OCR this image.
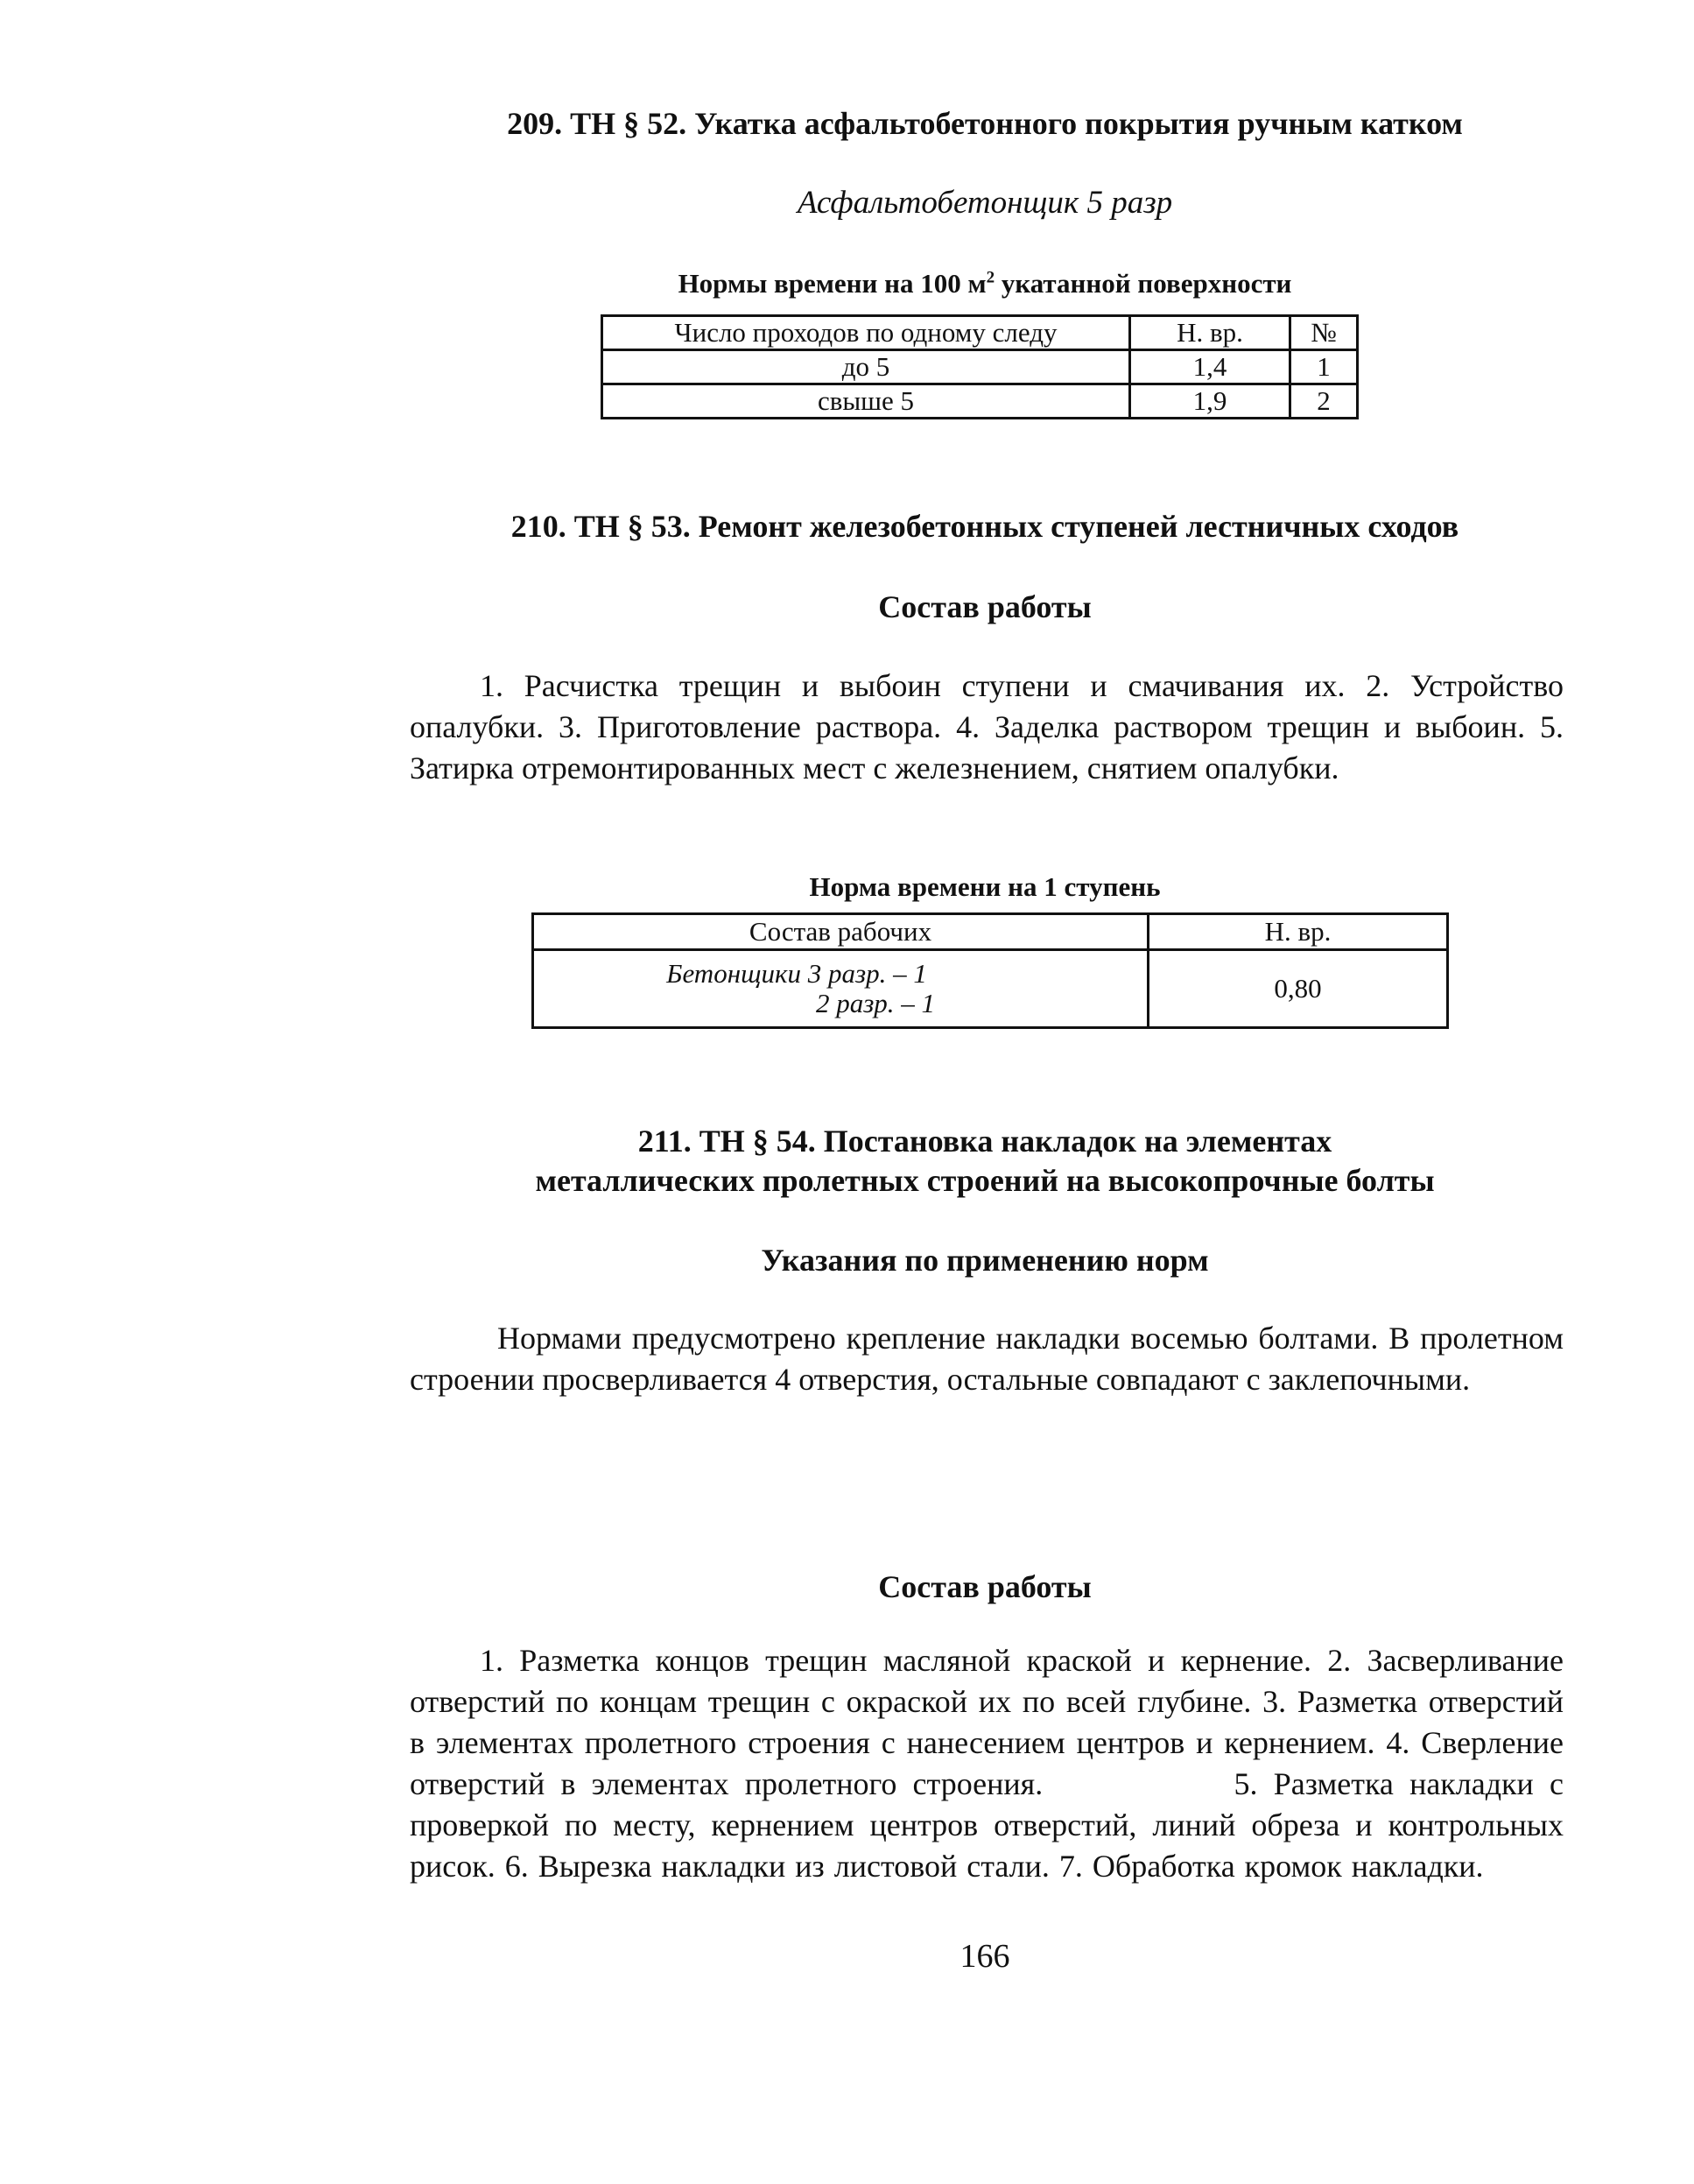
209. ТН § 52. Укатка асфальтобетонного покрытия ручным катком
Асфальтобетонщик 5 разр
Нормы времени на 100 $м^2$ укатанной поверхности
Число проходов по одному следу	Н. вр.	№
до 5	1,4	1
свыше 5	1,9	2
210. ТН § 53. Ремонт железобетонных ступеней лестничных сходов
Состав работы
1. Расчистка трещин и выбоин ступени и смачивания их. 2. Устройство опалубки. 3. Приготовление раствора. 4. Заделка раствором трещин и выбоин. 5. Затирка отремонтированных мест с железнением, снятием опалубки.
Норма времени на 1 ступень
Состав рабочих	Н. вр.

Бетонщики 3 разр. – 1
2 разр. – 1	0,80
211. ТН § 54. Постановка накладок на элементах
металлических пролетных строений на высокопрочные болты
Указания по применению норм
Нормами предусмотрено крепление накладки восемью болтами. В пролетном строении просверливается 4 отверстия, остальные совпадают с заклепочными.
Состав работы
1. Разметка концов трещин масляной краской и кернение. 2. Засверливание отверстий по концам трещин с окраской их по всей глубине. 3. Разметка отверстий в элементах пролетного строения с нанесением центров и кернением. 4. Сверление отверстий в элементах пролетного строения.            5. Разметка накладки с проверкой по месту, кернением центров отверстий, линий обреза и контрольных рисок. 6. Вырезка накладки из листовой стали. 7. Обработка кромок накладки.
166
